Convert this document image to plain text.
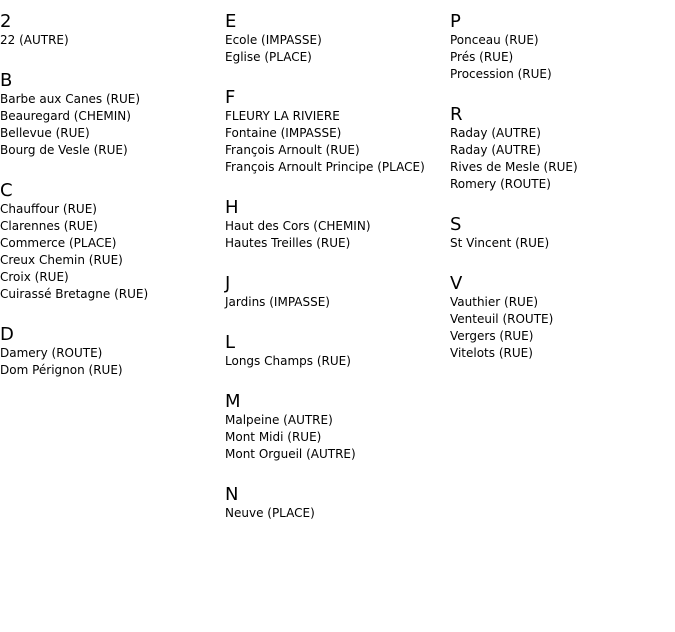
2
22 (AUTRE)
B
Barbe aux Canes (RUE)
Beauregard (CHEMIN)
Bellevue (RUE)
Bourg de Vesle (RUE)
C
Chauffour (RUE)
Clarennes (RUE)
Commerce (PLACE)
Creux Chemin (RUE)
Croix (RUE)
Cuirassé Bretagne (RUE)
D
Damery (ROUTE)
Dom Pérignon (RUE)
E
Ecole (IMPASSE)
Eglise (PLACE)
F
FLEURY LA RIVIERE
Fontaine (IMPASSE)
François Arnoult (RUE)
François Arnoult Principe (PLACE)
H
Haut des Cors (CHEMIN)
Hautes Treilles (RUE)
J
Jardins (IMPASSE)
L
Longs Champs (RUE)
M
Malpeine (AUTRE)
Mont Midi (RUE)
Mont Orgueil (AUTRE)
N
Neuve (PLACE)
P
Ponceau (RUE)
Prés (RUE)
Procession (RUE)
R
Raday (AUTRE)
Raday (AUTRE)
Rives de Mesle (RUE)
Romery (ROUTE)
S
St Vincent (RUE)
V
Vauthier (RUE)
Venteuil (ROUTE)
Vergers (RUE)
Vitelots (RUE)
